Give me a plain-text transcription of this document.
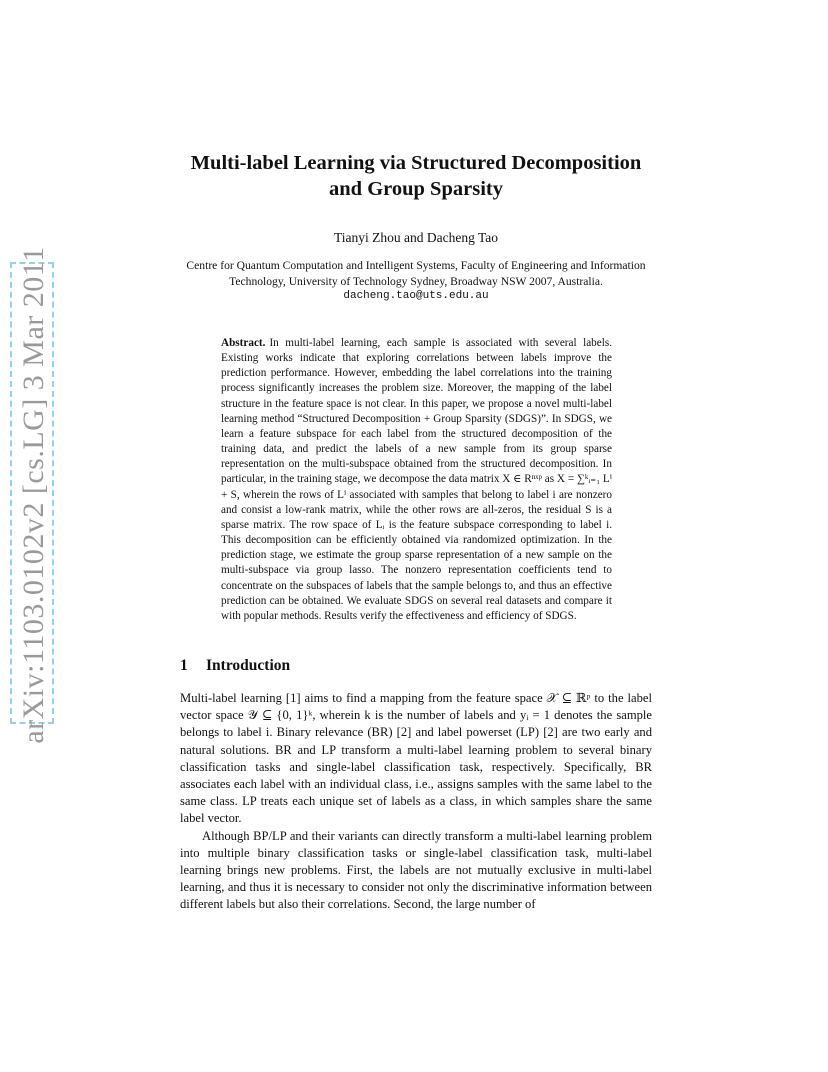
arXiv:1103.0102v2 [cs.LG] 3 Mar 2011
Multi-label Learning via Structured Decomposition and Group Sparsity
Tianyi Zhou and Dacheng Tao
Centre for Quantum Computation and Intelligent Systems, Faculty of Engineering and Information Technology, University of Technology Sydney, Broadway NSW 2007, Australia.
dacheng.tao@uts.edu.au
Abstract. In multi-label learning, each sample is associated with several labels. Existing works indicate that exploring correlations between labels improve the prediction performance. However, embedding the label correlations into the training process significantly increases the problem size. Moreover, the mapping of the label structure in the feature space is not clear. In this paper, we propose a novel multi-label learning method “Structured Decomposition + Group Sparsity (SDGS)”. In SDGS, we learn a feature subspace for each label from the structured decomposition of the training data, and predict the labels of a new sample from its group sparse representation on the multi-subspace obtained from the structured decomposition. In particular, in the training stage, we decompose the data matrix X ∈ Rⁿˣᵖ as X = ∑ᵏᵢ₌₁ Lⁱ + S, wherein the rows of Lⁱ associated with samples that belong to label i are nonzero and consist a low-rank matrix, while the other rows are all-zeros, the residual S is a sparse matrix. The row space of Lᵢ is the feature subspace corresponding to label i. This decomposition can be efficiently obtained via randomized optimization. In the prediction stage, we estimate the group sparse representation of a new sample on the multi-subspace via group lasso. The nonzero representation coefficients tend to concentrate on the subspaces of labels that the sample belongs to, and thus an effective prediction can be obtained. We evaluate SDGS on several real datasets and compare it with popular methods. Results verify the effectiveness and efficiency of SDGS.
1 Introduction

Multi-label learning [1] aims to find a mapping from the feature space 𝒳 ⊆ ℝᵖ to the label vector space 𝒴 ⊆ {0, 1}ᵏ, wherein k is the number of labels and yᵢ = 1 denotes the sample belongs to label i. Binary relevance (BR) [2] and label powerset (LP) [2] are two early and natural solutions. BR and LP transform a multi-label learning problem to several binary classification tasks and single-label classification task, respectively. Specifically, BR associates each label with an individual class, i.e., assigns samples with the same label to the same class. LP treats each unique set of labels as a class, in which samples share the same label vector.

Although BP/LP and their variants can directly transform a multi-label learning problem into multiple binary classification tasks or single-label classification task, multi-label learning brings new problems. First, the labels are not mutually exclusive in multi-label learning, and thus it is necessary to consider not only the discriminative information between different labels but also their correlations. Second, the large number of
